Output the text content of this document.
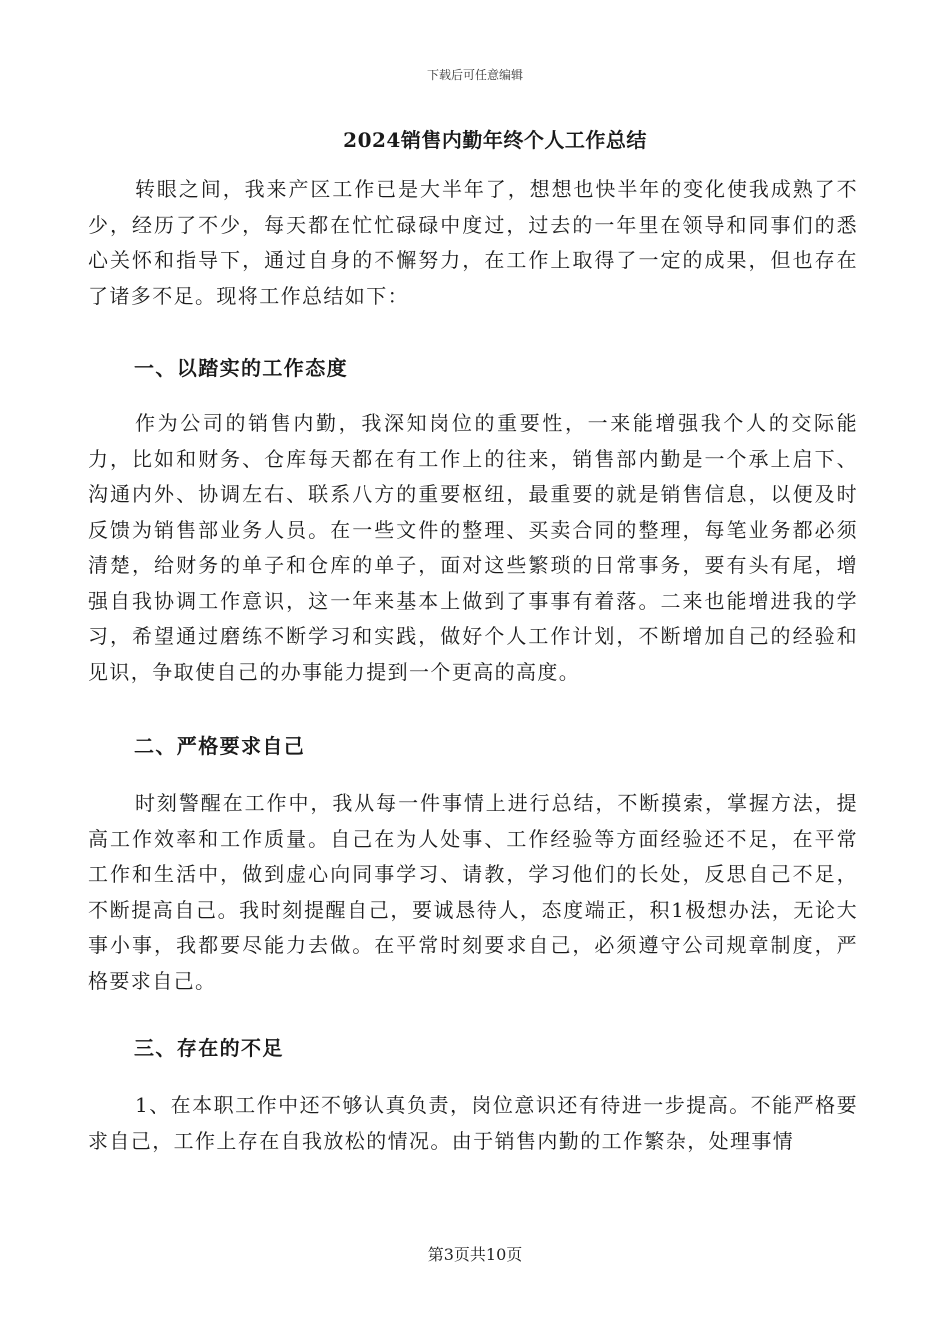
下载后可任意编辑
2024销售内勤年终个人工作总结

转眼之间，我来产区工作已是大半年了，想想也快半年的变化使我成熟了不少，经历了不少，每天都在忙忙碌碌中度过，过去的一年里在领导和同事们的悉心关怀和指导下，通过自身的不懈努力，在工作上取得了一定的成果，但也存在了诸多不足。现将工作总结如下：

一、以踏实的工作态度

作为公司的销售内勤，我深知岗位的重要性，一来能增强我个人的交际能力，比如和财务、仓库每天都在有工作上的往来，销售部内勤是一个承上启下、沟通内外、协调左右、联系八方的重要枢纽，最重要的就是销售信息，以便及时反馈为销售部业务人员。在一些文件的整理、买卖合同的整理，每笔业务都必须清楚，给财务的单子和仓库的单子，面对这些繁琐的日常事务，要有头有尾，增强自我协调工作意识，这一年来基本上做到了事事有着落。二来也能增进我的学习，希望通过磨练不断学习和实践，做好个人工作计划，不断增加自己的经验和见识，争取使自己的办事能力提到一个更高的高度。

二、严格要求自己

时刻警醒在工作中，我从每一件事情上进行总结，不断摸索，掌握方法，提高工作效率和工作质量。自己在为人处事、工作经验等方面经验还不足，在平常工作和生活中，做到虚心向同事学习、请教，学习他们的长处，反思自己不足，不断提高自己。我时刻提醒自己，要诚恳待人，态度端正，积1极想办法，无论大事小事，我都要尽能力去做。在平常时刻要求自己，必须遵守公司规章制度，严格要求自己。

三、存在的不足

1、在本职工作中还不够认真负责，岗位意识还有待进一步提高。不能严格要求自己，工作上存在自我放松的情况。由于销售内勤的工作繁杂，处理事情

第3页共10页
